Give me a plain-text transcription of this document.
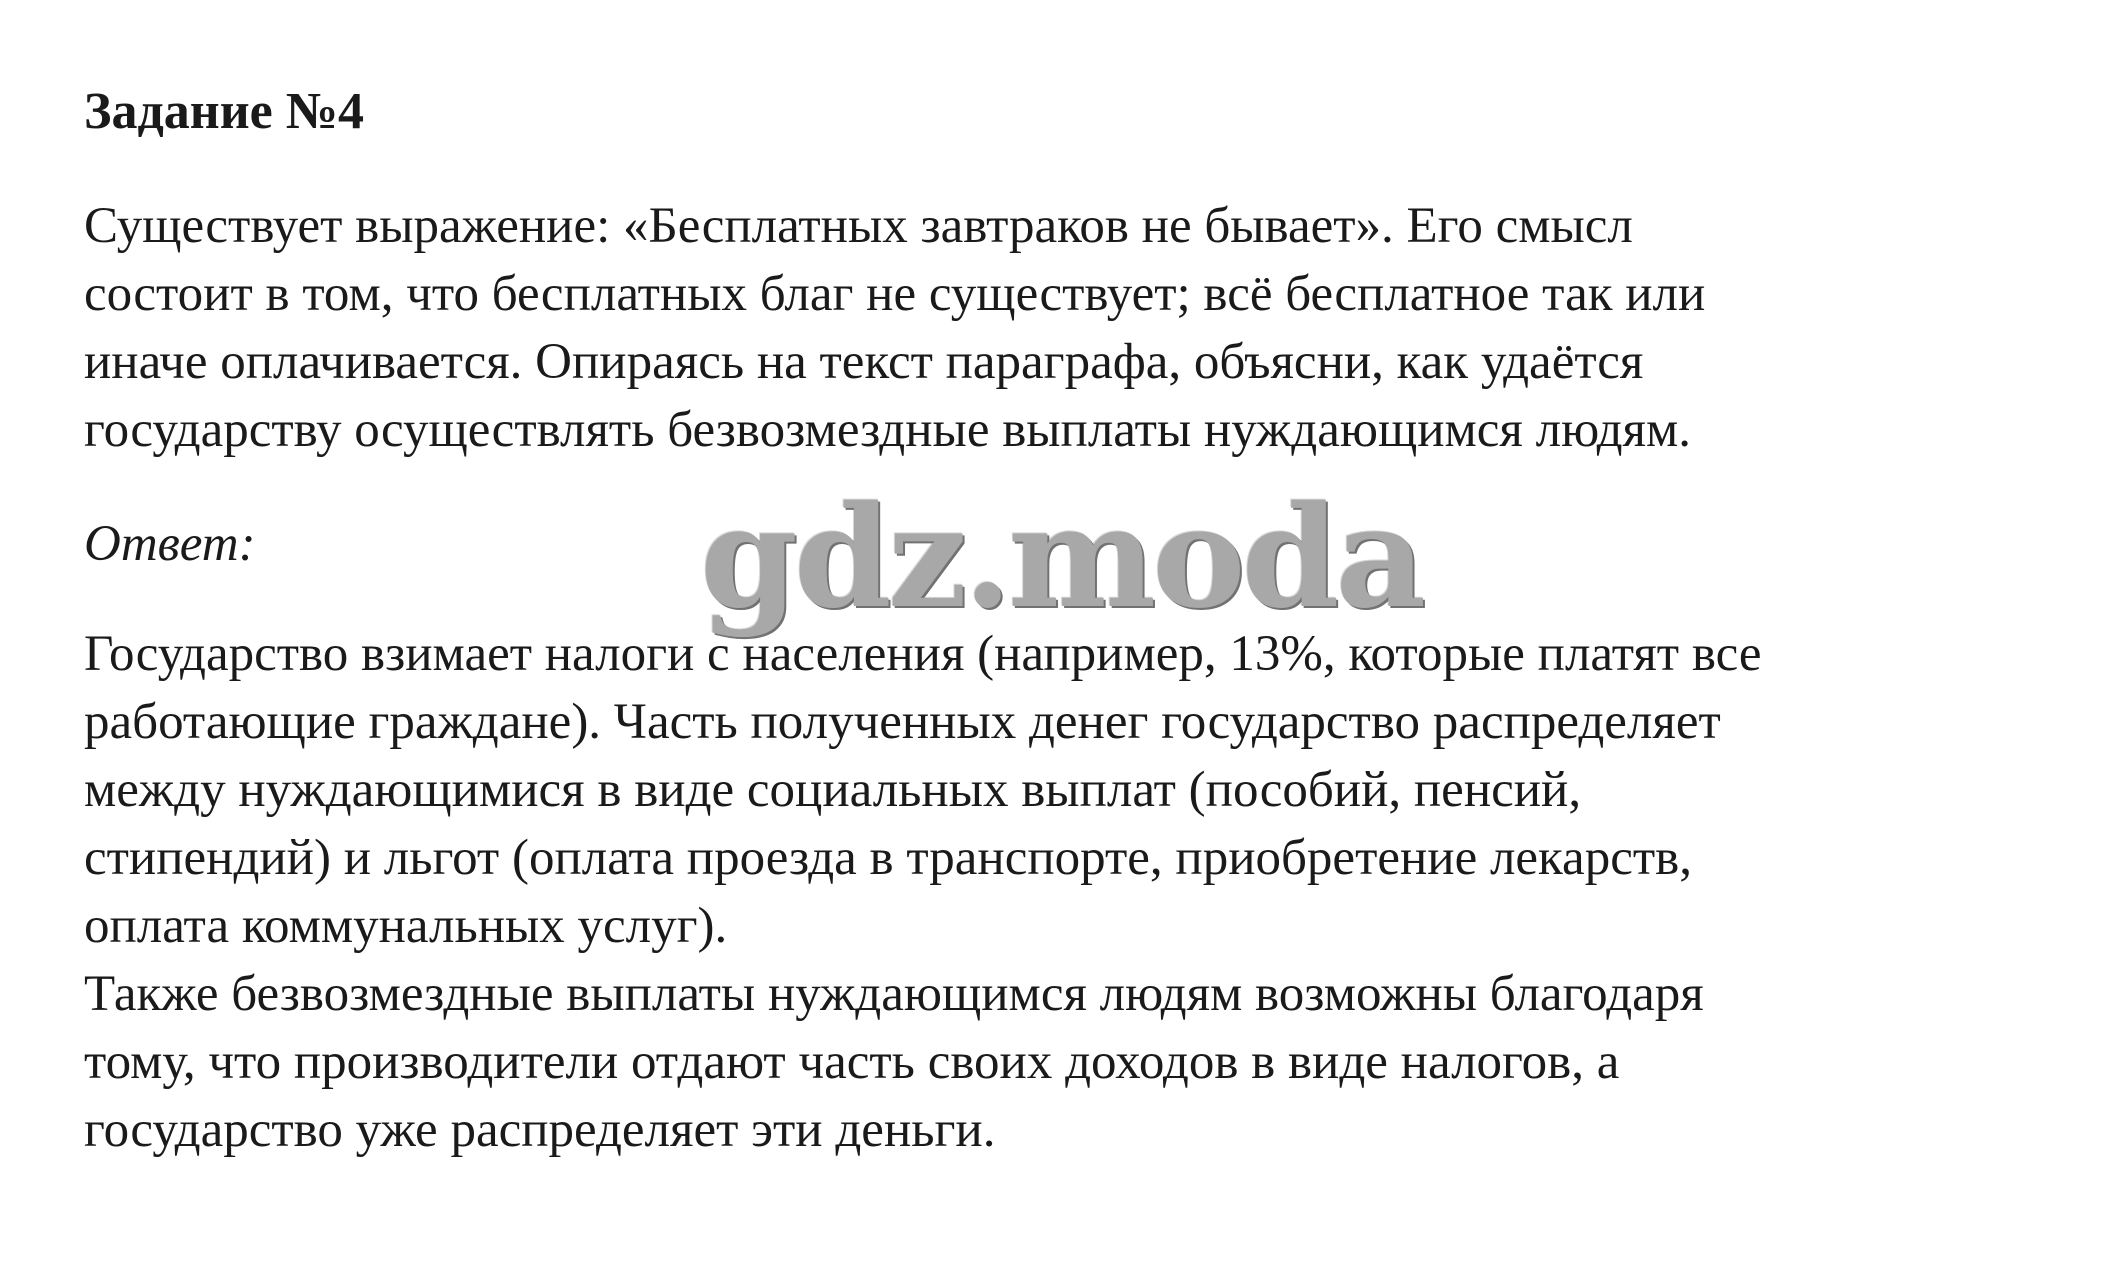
Задание №4

Существует выражение: «Бесплатных завтраков не бывает». Его смысл
состоит в том, что бесплатных благ не существует; всё бесплатное так или
иначе оплачивается. Опираясь на текст параграфа, объясни, как удаётся
государству осуществлять безвозмездные выплаты нуждающимся людям.

Ответ:	gdz.moda

Государство взимает налоги с населения (например, 13%, которые платят все
работающие граждане). Часть полученных денег государство распределяет
между нуждающимися в виде социальных выплат (пособий, пенсий,
стипендий) и льгот (оплата проезда в транспорте, приобретение лекарств,
оплата коммунальных услуг).
Также безвозмездные выплаты нуждающимся людям возможны благодаря
тому, что производители отдают часть своих доходов в виде налогов, а
государство уже распределяет эти деньги.
